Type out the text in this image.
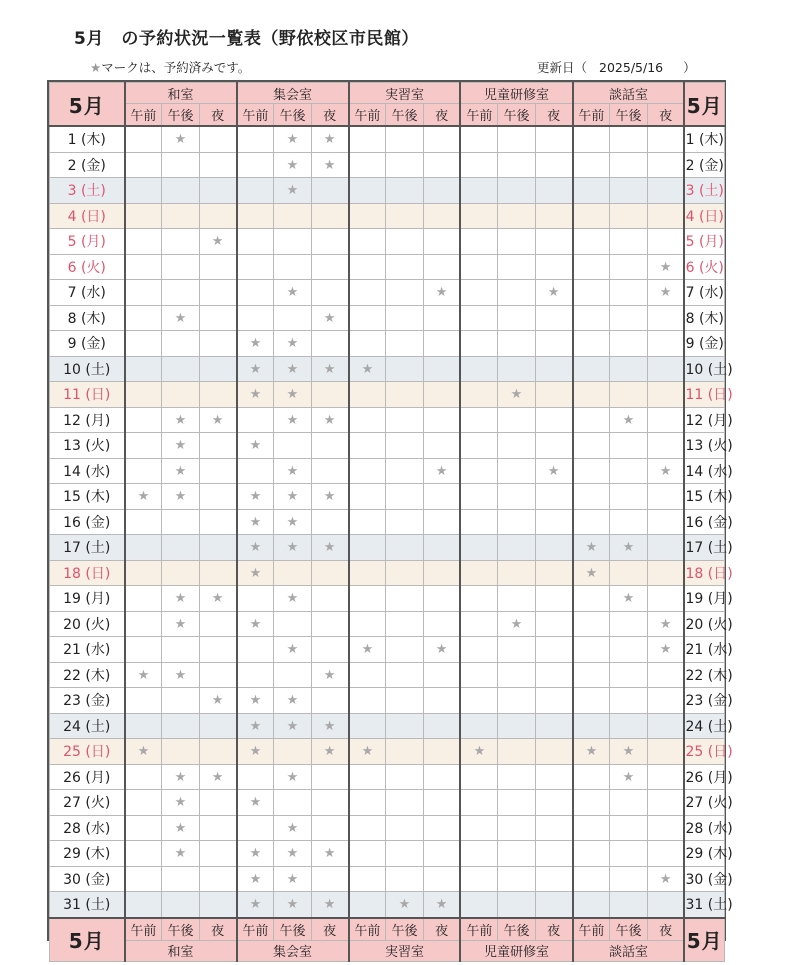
5月　の予約状況一覧表（野依校区市民館）
★マークは、予約済みです。	更新日（ 2025/5/16 ）
5月	和室			集会室			実習室			児童研修室			談話室			5月
	午前	午後	夜	午前	午後	夜	午前	午後	夜	午前	午後	夜	午前	午後	夜	
1 (木)		★			★	★										1 (木)
2 (金)					★	★										2 (金)
3 (土)					★											3 (土)
4 (日)																4 (日)
5 (月)			★													5 (月)
6 (火)															★	6 (火)
7 (水)					★				★			★			★	7 (水)
8 (木)		★				★										8 (木)
9 (金)				★	★											9 (金)
10 (土)				★	★	★	★									10 (土)
11 (日)				★	★						★					11 (日)
12 (月)		★	★		★	★								★		12 (月)
13 (火)		★		★												13 (火)
14 (水)		★			★				★			★			★	14 (水)
15 (木)	★	★		★	★	★										15 (木)
16 (金)				★	★											16 (金)
17 (土)				★	★	★							★	★		17 (土)
18 (日)				★									★			18 (日)
19 (月)		★	★		★									★		19 (月)
20 (火)		★		★							★				★	20 (火)
21 (水)					★		★		★						★	21 (水)
22 (木)	★	★				★										22 (木)
23 (金)			★	★	★											23 (金)
24 (土)				★	★	★										24 (土)
25 (日)	★			★		★	★			★			★	★		25 (日)
26 (月)		★	★		★									★		26 (月)
27 (火)		★		★												27 (火)
28 (水)		★			★											28 (水)
29 (木)		★		★	★	★										29 (木)
30 (金)				★	★										★	30 (金)
31 (土)				★	★	★		★	★							31 (土)
5月	午前	午後	夜	午前	午後	夜	午前	午後	夜	午前	午後	夜	午前	午後	夜	5月
	和室			集会室			実習室			児童研修室			談話室			
